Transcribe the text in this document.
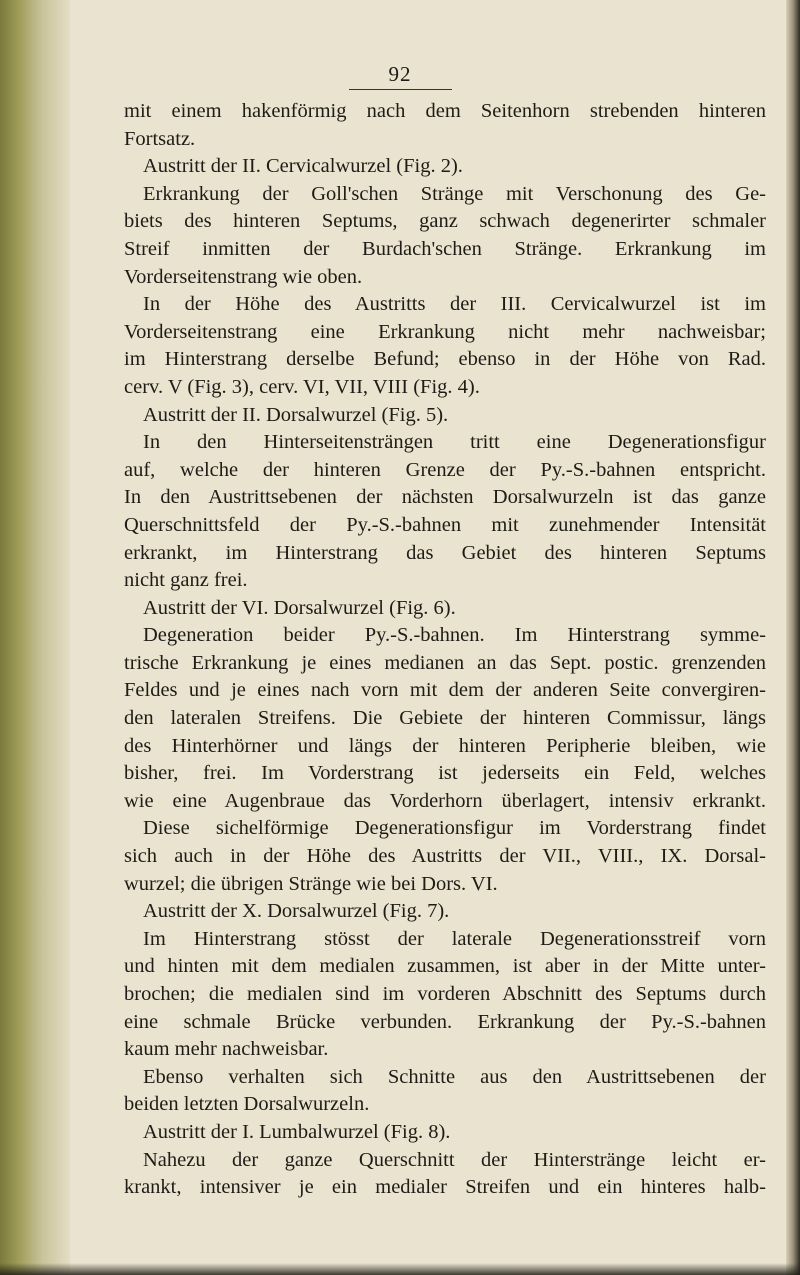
92
mit einem hakenförmig nach dem Seitenhorn strebenden hinteren
Fortsatz.
Austritt der II. Cervicalwurzel (Fig. 2).
Erkrankung der Goll'schen Stränge mit Verschonung des Ge-
biets des hinteren Septums, ganz schwach degenerirter schmaler
Streif inmitten der Burdach'schen Stränge. Erkrankung im
Vorderseitenstrang wie oben.
In der Höhe des Austritts der III. Cervicalwurzel ist im
Vorderseitenstrang eine Erkrankung nicht mehr nachweisbar;
im Hinterstrang derselbe Befund; ebenso in der Höhe von Rad.
cerv. V (Fig. 3), cerv. VI, VII, VIII (Fig. 4).
Austritt der II. Dorsalwurzel (Fig. 5).
In den Hinterseitensträngen tritt eine Degenerationsfigur
auf, welche der hinteren Grenze der Py.-S.-bahnen entspricht.
In den Austrittsebenen der nächsten Dorsalwurzeln ist das ganze
Querschnittsfeld der Py.-S.-bahnen mit zunehmender Intensität
erkrankt, im Hinterstrang das Gebiet des hinteren Septums
nicht ganz frei.
Austritt der VI. Dorsalwurzel (Fig. 6).
Degeneration beider Py.-S.-bahnen. Im Hinterstrang symme-
trische Erkrankung je eines medianen an das Sept. postic. grenzenden
Feldes und je eines nach vorn mit dem der anderen Seite convergiren-
den lateralen Streifens. Die Gebiete der hinteren Commissur, längs
des Hinterhörner und längs der hinteren Peripherie bleiben, wie
bisher, frei. Im Vorderstrang ist jederseits ein Feld, welches
wie eine Augenbraue das Vorderhorn überlagert, intensiv erkrankt.
Diese sichelförmige Degenerationsfigur im Vorderstrang findet
sich auch in der Höhe des Austritts der VII., VIII., IX. Dorsal-
wurzel; die übrigen Stränge wie bei Dors. VI.
Austritt der X. Dorsalwurzel (Fig. 7).
Im Hinterstrang stösst der laterale Degenerationsstreif vorn
und hinten mit dem medialen zusammen, ist aber in der Mitte unter-
brochen; die medialen sind im vorderen Abschnitt des Septums durch
eine schmale Brücke verbunden. Erkrankung der Py.-S.-bahnen
kaum mehr nachweisbar.
Ebenso verhalten sich Schnitte aus den Austrittsebenen der
beiden letzten Dorsalwurzeln.
Austritt der I. Lumbalwurzel (Fig. 8).
Nahezu der ganze Querschnitt der Hinterstränge leicht er-
krankt, intensiver je ein medialer Streifen und ein hinteres halb-
